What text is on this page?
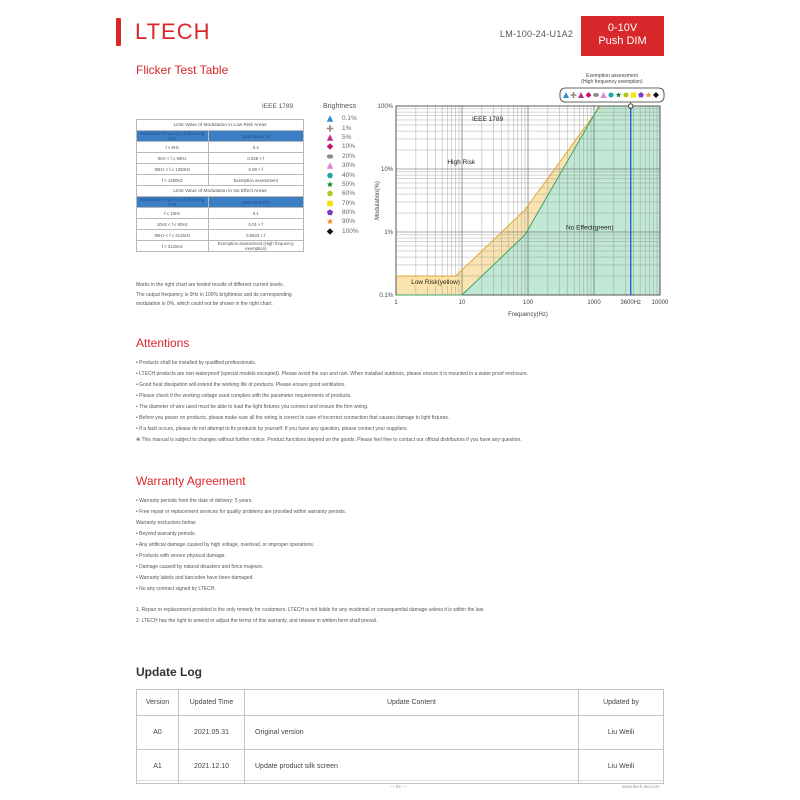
LTECH	LM-100-24-U1A2	0-10V
Push DIM
Flicker Test Table
IEEE 1789
Limit Value of Modulation in Low Risk Areas	
Modulation frequency of flickering (Hz)	Limit value (%)
f ≤ 8Hz	0.2
8Hz < f ≤ 90Hz	0.025 × f
90Hz < f ≤ 1250Hz	0.08 × f
f > 1250Hz	Exemption assessment
Limit Value of Modulation in No Effect Areas	
Modulation frequency of flickering (Hz)	Limit value (%)
f ≤ 10Hz	0.1
10Hz < f ≤ 90Hz	0.01 × f
90Hz < f ≤ 3125Hz	0.0833 × f
f > 3125Hz	Exemption assessment (High frequency exemption)
Marks in the right chart are tested results of different current levels.
The output frequency is 0Hz in 100% brightness and its corresponding
modulation is 0%, which could not be shown in the right chart.
Brightness
0.1%
1%
5%
10%
20%
30%
40%
50%
60%
70%
80%
90%
100%
IEEE 1789
High Risk
No Effect(green)
Low Risk(yellow)
1	10	100	1000	3600Hz 10000
0.1%
1%
10%
100%
Frequency(Hz)
Modulation(%)
Exemption assessment
(High frequency exemption)
Attentions
• Products shall be installed by qualified professionals.
• LTECH products are non-waterproof (special models excepted). Please avoid the sun and rain. When installed outdoors, please ensure it is mounted in a water proof enclosure.
• Good heat dissipation will extend the working life of products. Please ensure good ventilation.
• Please check if the working voltage used complies with the parameter requirements of products.
• The diameter of wire used must be able to load the light fixtures you connect and ensure the firm wiring.
• Before you power on products, please make sure all the wiring is correct in case of incorrect connection that causes damage to light fixtures.
• If a fault occurs, please do not attempt to fix products by yourself. If you have any question, please contact your suppliers.
❋ This manual is subject to changes without further notice. Product functions depend on the goods. Please feel free to contact our official distributors if you have any question.
Warranty Agreement
• Warranty periods from the date of delivery: 5 years.
• Free repair or replacement services for quality problems are provided within warranty periods.
Warranty exclusions below:
• Beyond warranty periods.
• Any artificial damage caused by high voltage, overload, or improper operations.
• Products with severe physical damage.
• Damage caused by natural disasters and force majeure.
• Warranty labels and barcodes have been damaged.
• No any contract signed by LTECH.
1. Repair or replacement provided is the only remedy for customers. LTECH is not liable for any incidental or consequential damage unless it is within the law.
2. LTECH has the right to amend or adjust the terms of this warranty, and release in written form shall prevail.
Update Log
Version	Updated Time	Update Content	Updated by
A0	2021.05.31	Original version	Liu Weili
A1	2021.12.10	Update product silk screen	Liu Weili
— 04 —	www.ltech-led.com
